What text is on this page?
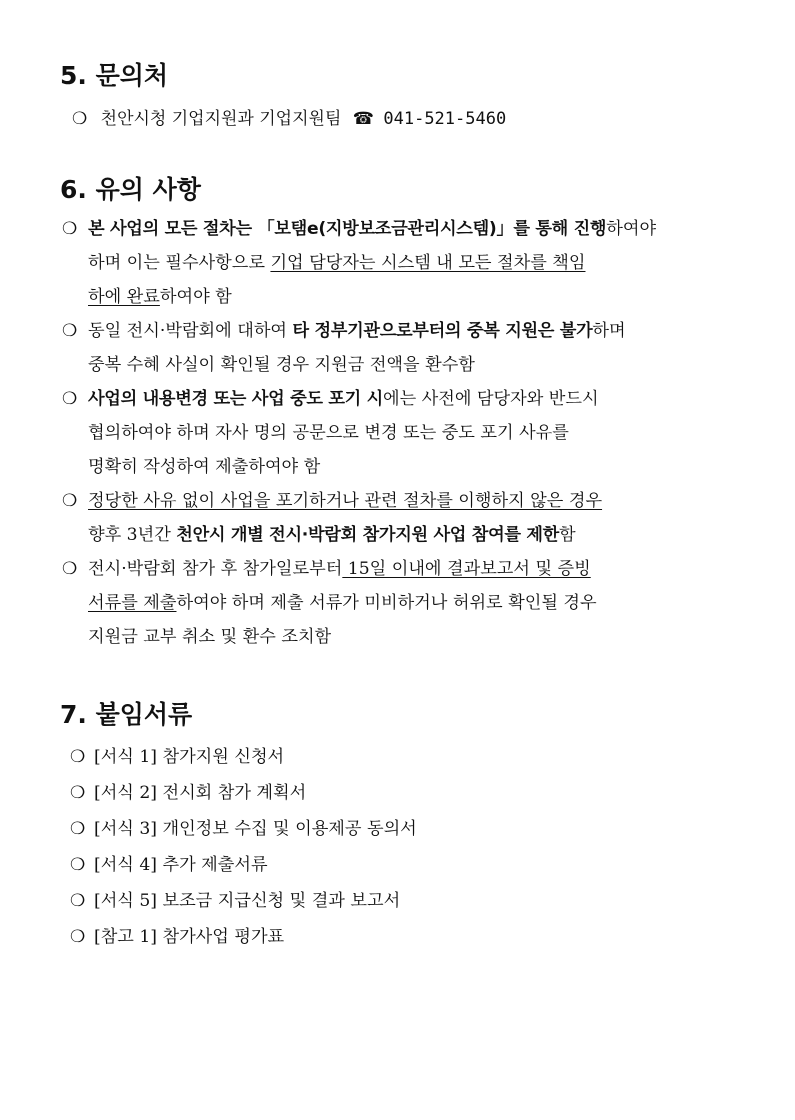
5. 문의처
❍ 천안시청 기업지원과 기업지원팀 ☎ 041-521-5460
6. 유의 사항
❍ 본 사업의 모든 절차는 「보탬e(지방보조금관리시스템)」를 통해 진행하여야
하며 이는 필수사항으로 기업 담당자는 시스템 내 모든 절차를 책임
하에 완료하여야 함
❍ 동일 전시·박람회에 대하여 타 정부기관으로부터의 중복 지원은 불가하며
중복 수혜 사실이 확인될 경우 지원금 전액을 환수함
❍ 사업의 내용변경 또는 사업 중도 포기 시에는 사전에 담당자와 반드시
협의하여야 하며 자사 명의 공문으로 변경 또는 중도 포기 사유를
명확히 작성하여 제출하여야 함
❍ 정당한 사유 없이 사업을 포기하거나 관련 절차를 이행하지 않은 경우
향후 3년간 천안시 개별 전시·박람회 참가지원 사업 참여를 제한함
❍ 전시·박람회 참가 후 참가일로부터 15일 이내에 결과보고서 및 증빙
서류를 제출하여야 하며 제출 서류가 미비하거나 허위로 확인될 경우
지원금 교부 취소 및 환수 조치함
7. 붙임서류
❍ [서식 1] 참가지원 신청서
❍ [서식 2] 전시회 참가 계획서
❍ [서식 3] 개인정보 수집 및 이용제공 동의서
❍ [서식 4] 추가 제출서류
❍ [서식 5] 보조금 지급신청 및 결과 보고서
❍ [참고 1] 참가사업 평가표
